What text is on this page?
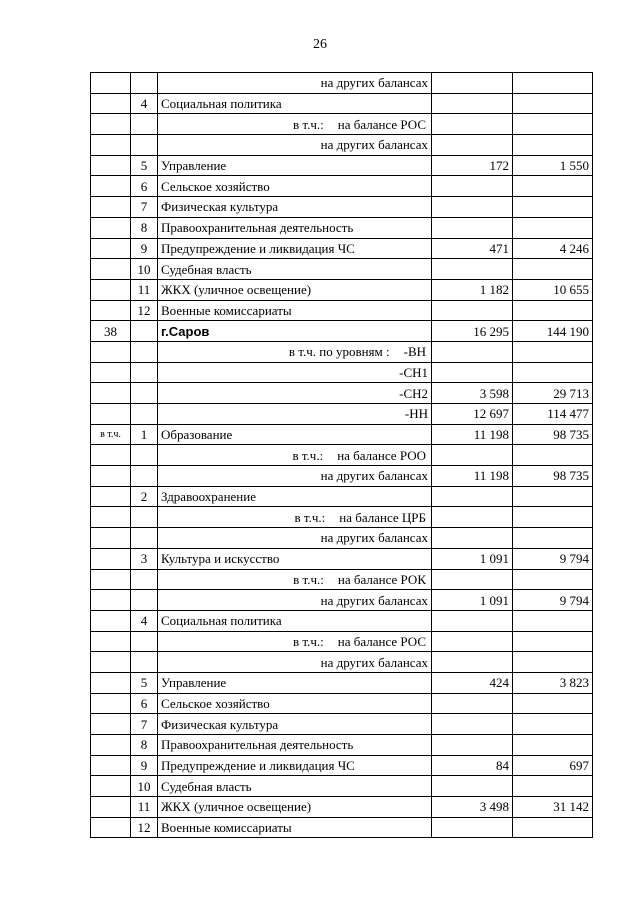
26
		на других балансах		
	4	Социальная политика		

		в т.ч.: на балансе РОС		

		на других балансах		
	5	Управление	172	1 550
	6	Сельское хозяйство		
	7	Физическая культура		
	8	Правоохранительная деятельность		
	9	Предупреждение и ликвидация ЧС	471	4 246
	10	Судебная власть		
	11	ЖКХ (уличное освещение)	1 182	10 655
	12	Военные комиссариаты		
38		г.Саров	16 295	144 190

		в т.ч. по уровням : -ВН		

		-СН1		
		-СН2	3 598	29 713
		-НН	12 697	114 477
в т.ч.	1	Образование	11 198	98 735

		в т.ч.: на балансе РОО		

		на других балансах	11 198	98 735
	2	Здравоохранение		

		в т.ч.: на балансе ЦРБ		

		на других балансах		
	3	Культура и искусство	1 091	9 794

		в т.ч.: на балансе РОК		

		на других балансах	1 091	9 794
	4	Социальная политика		

		в т.ч.: на балансе РОС		

		на других балансах		
	5	Управление	424	3 823
	6	Сельское хозяйство		
	7	Физическая культура		
	8	Правоохранительная деятельность		
	9	Предупреждение и ликвидация ЧС	84	697
	10	Судебная власть		
	11	ЖКХ (уличное освещение)	3 498	31 142
	12	Военные комиссариаты		
